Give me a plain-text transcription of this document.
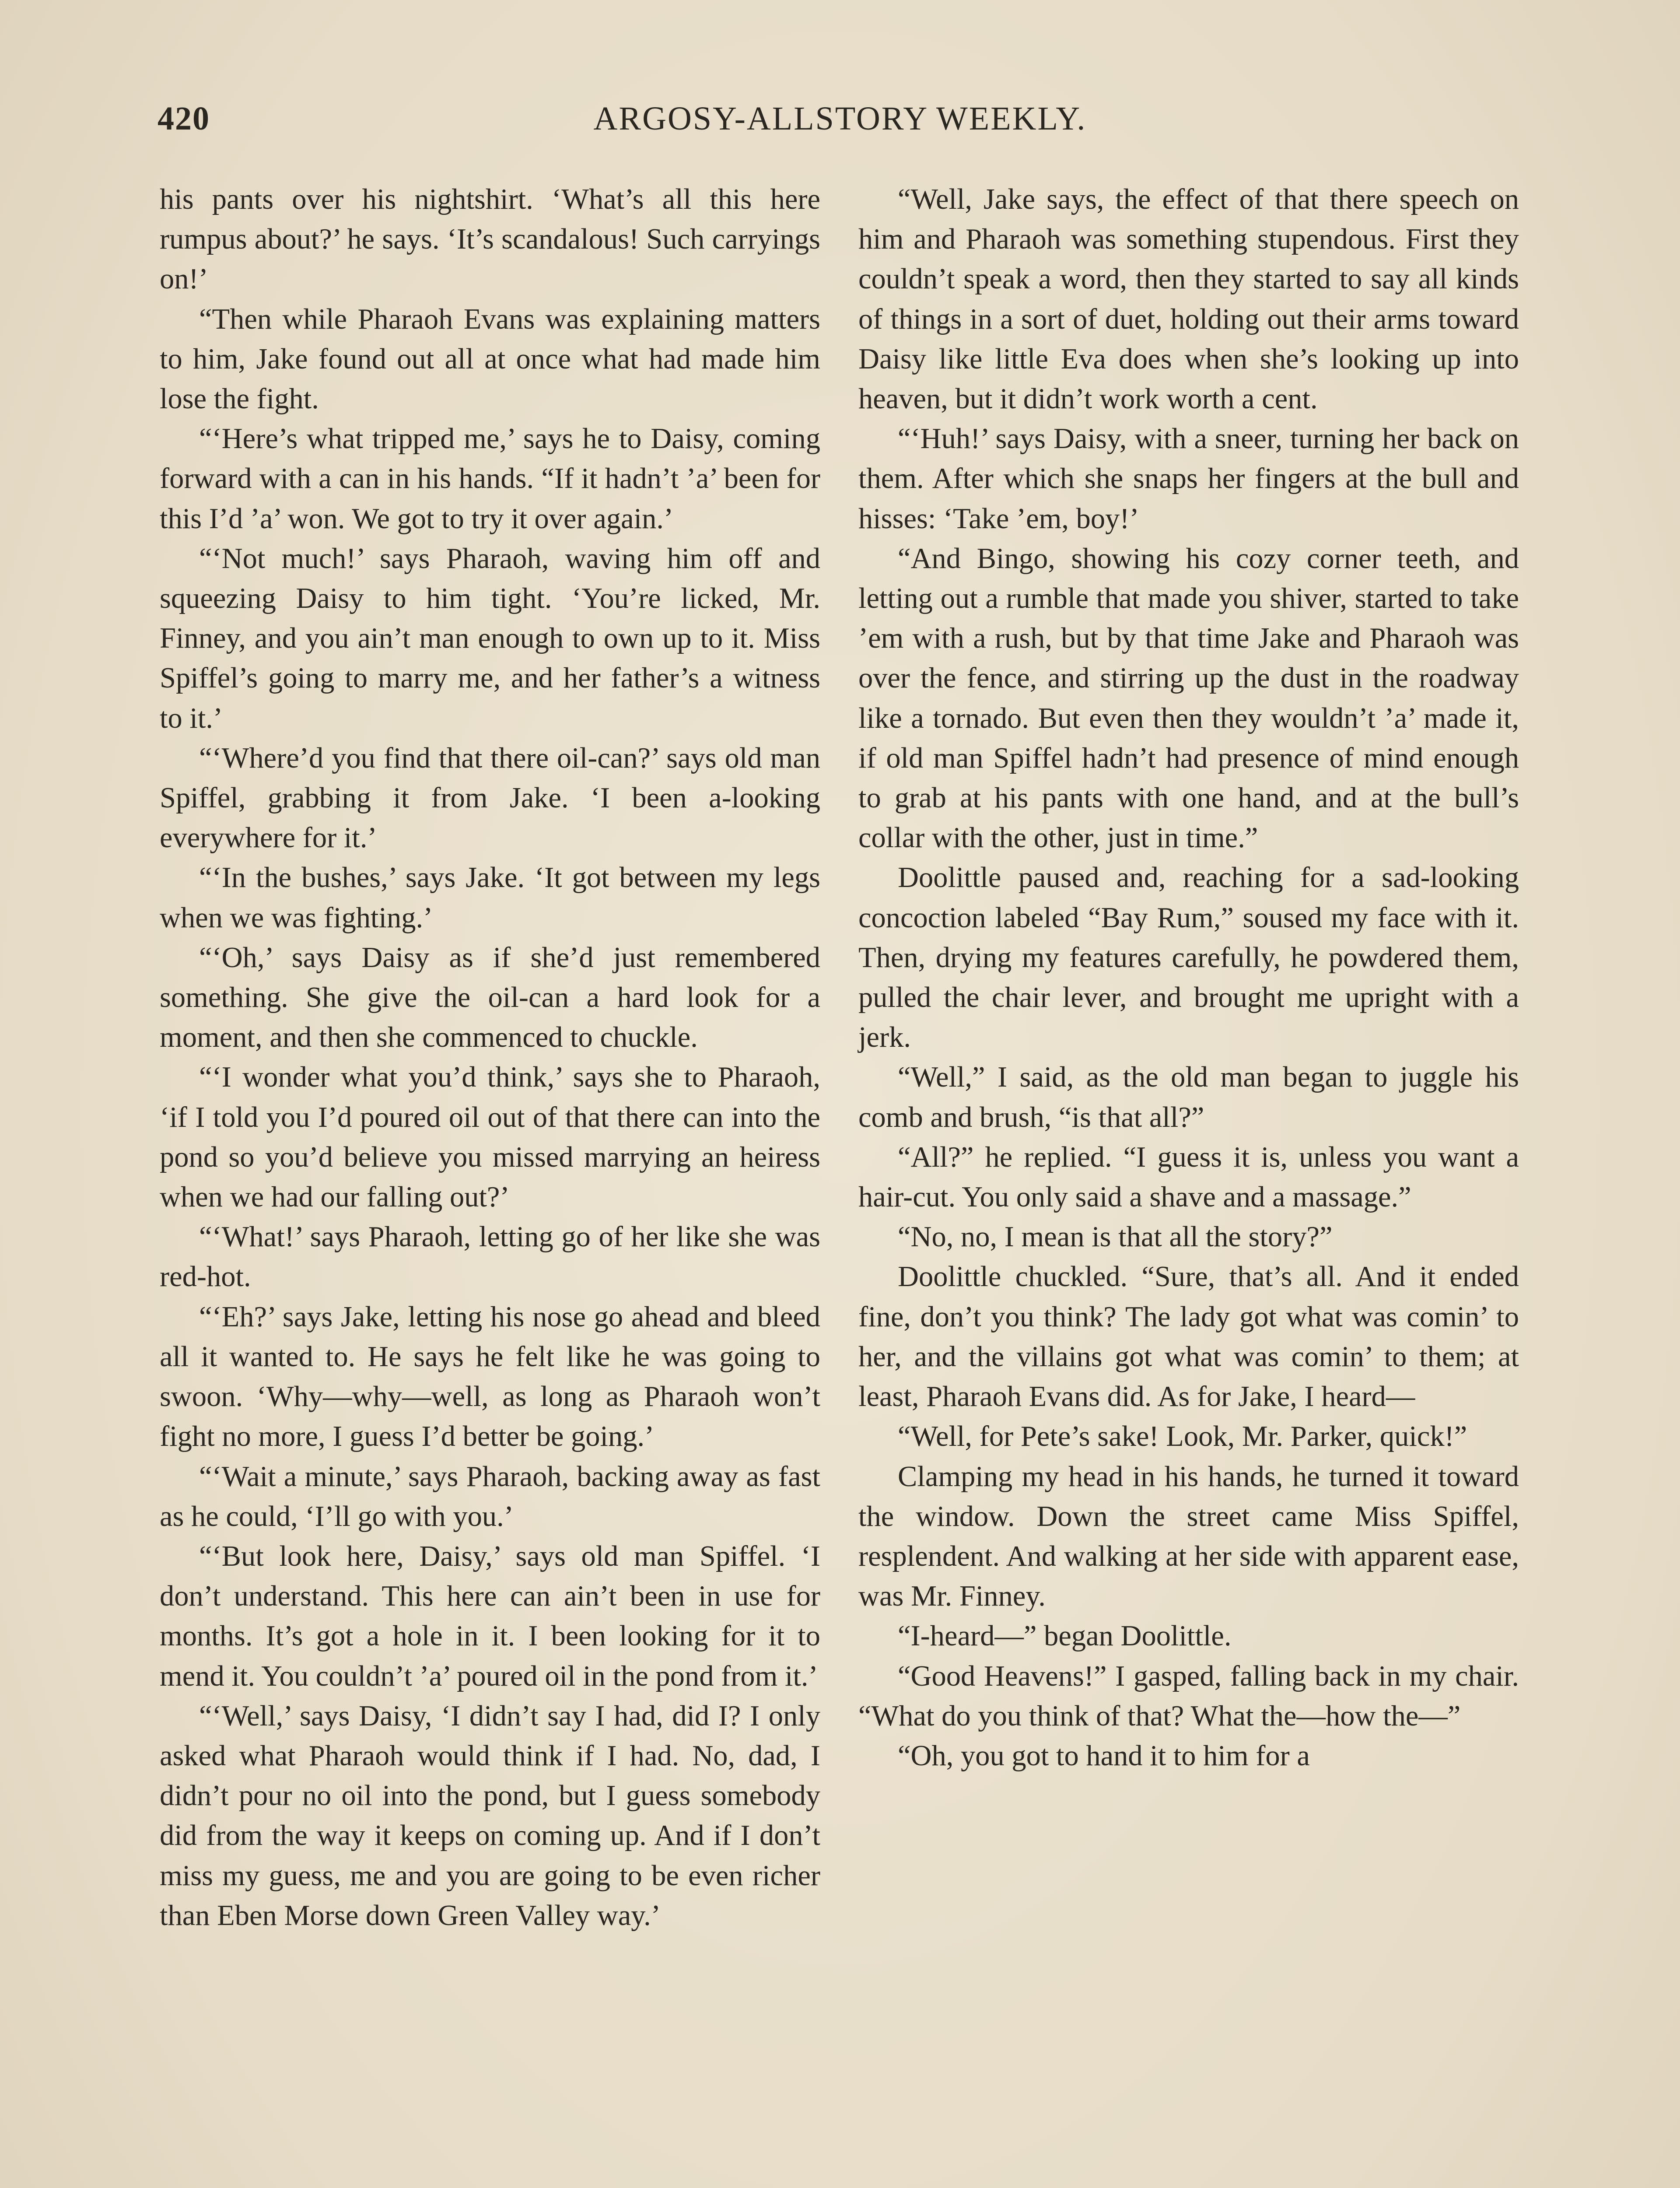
420	ARGOSY-ALLSTORY WEEKLY.

his pants over his nightshirt. ‘What’s all this here rumpus about?’ he says. ‘It’s scandalous! Such carryings on!’

“Then while Pharaoh Evans was explaining matters to him, Jake found out all at once what had made him lose the fight.

“‘Here’s what tripped me,’ says he to Daisy, coming forward with a can in his hands. “If it hadn’t ’a’ been for this I’d ’a’ won. We got to try it over again.’

“‘Not much!’ says Pharaoh, waving him off and squeezing Daisy to him tight. ‘You’re licked, Mr. Finney, and you ain’t man enough to own up to it. Miss Spiffel’s going to marry me, and her father’s a witness to it.’

“‘Where’d you find that there oil-can?’ says old man Spiffel, grabbing it from Jake. ‘I been a-looking everywhere for it.’

“‘In the bushes,’ says Jake. ‘It got between my legs when we was fighting.’

“‘Oh,’ says Daisy as if she’d just remembered something. She give the oil-can a hard look for a moment, and then she commenced to chuckle.

“‘I wonder what you’d think,’ says she to Pharaoh, ‘if I told you I’d poured oil out of that there can into the pond so you’d believe you missed marrying an heiress when we had our falling out?’

“‘What!’ says Pharaoh, letting go of her like she was red-hot.

“‘Eh?’ says Jake, letting his nose go ahead and bleed all it wanted to. He says he felt like he was going to swoon. ‘Why—why—well, as long as Pharaoh won’t fight no more, I guess I’d better be going.’

“‘Wait a minute,’ says Pharaoh, backing away as fast as he could, ‘I’ll go with you.’

“‘But look here, Daisy,’ says old man Spiffel. ‘I don’t understand. This here can ain’t been in use for months. It’s got a hole in it. I been looking for it to mend it. You couldn’t ’a’ poured oil in the pond from it.’

“‘Well,’ says Daisy, ‘I didn’t say I had, did I? I only asked what Pharaoh would think if I had. No, dad, I didn’t pour no oil into the pond, but I guess somebody did from the way it keeps on coming up. And if I don’t miss my guess, me and you are going to be even richer than Eben Morse down Green Valley way.’

“Well, Jake says, the effect of that there speech on him and Pharaoh was something stupendous. First they couldn’t speak a word, then they started to say all kinds of things in a sort of duet, holding out their arms toward Daisy like little Eva does when she’s looking up into heaven, but it didn’t work worth a cent.

“‘Huh!’ says Daisy, with a sneer, turning her back on them. After which she snaps her fingers at the bull and hisses: ‘Take ’em, boy!’

“And Bingo, showing his cozy corner teeth, and letting out a rumble that made you shiver, started to take ’em with a rush, but by that time Jake and Pharaoh was over the fence, and stirring up the dust in the roadway like a tornado. But even then they wouldn’t ’a’ made it, if old man Spiffel hadn’t had presence of mind enough to grab at his pants with one hand, and at the bull’s collar with the other, just in time.”

Doolittle paused and, reaching for a sad-looking concoction labeled “Bay Rum,” soused my face with it. Then, drying my features carefully, he powdered them, pulled the chair lever, and brought me upright with a jerk.

“Well,” I said, as the old man began to juggle his comb and brush, “is that all?”

“All?” he replied. “I guess it is, unless you want a hair-cut. You only said a shave and a massage.”

“No, no, I mean is that all the story?”

Doolittle chuckled. “Sure, that’s all. And it ended fine, don’t you think? The lady got what was comin’ to her, and the villains got what was comin’ to them; at least, Pharaoh Evans did. As for Jake, I heard—

“Well, for Pete’s sake! Look, Mr. Parker, quick!”

Clamping my head in his hands, he turned it toward the window. Down the street came Miss Spiffel, resplendent. And walking at her side with apparent ease, was Mr. Finney.

“I-heard—” began Doolittle.

“Good Heavens!” I gasped, falling back in my chair. “What do you think of that? What the—how the—”

“Oh, you got to hand it to him for a
